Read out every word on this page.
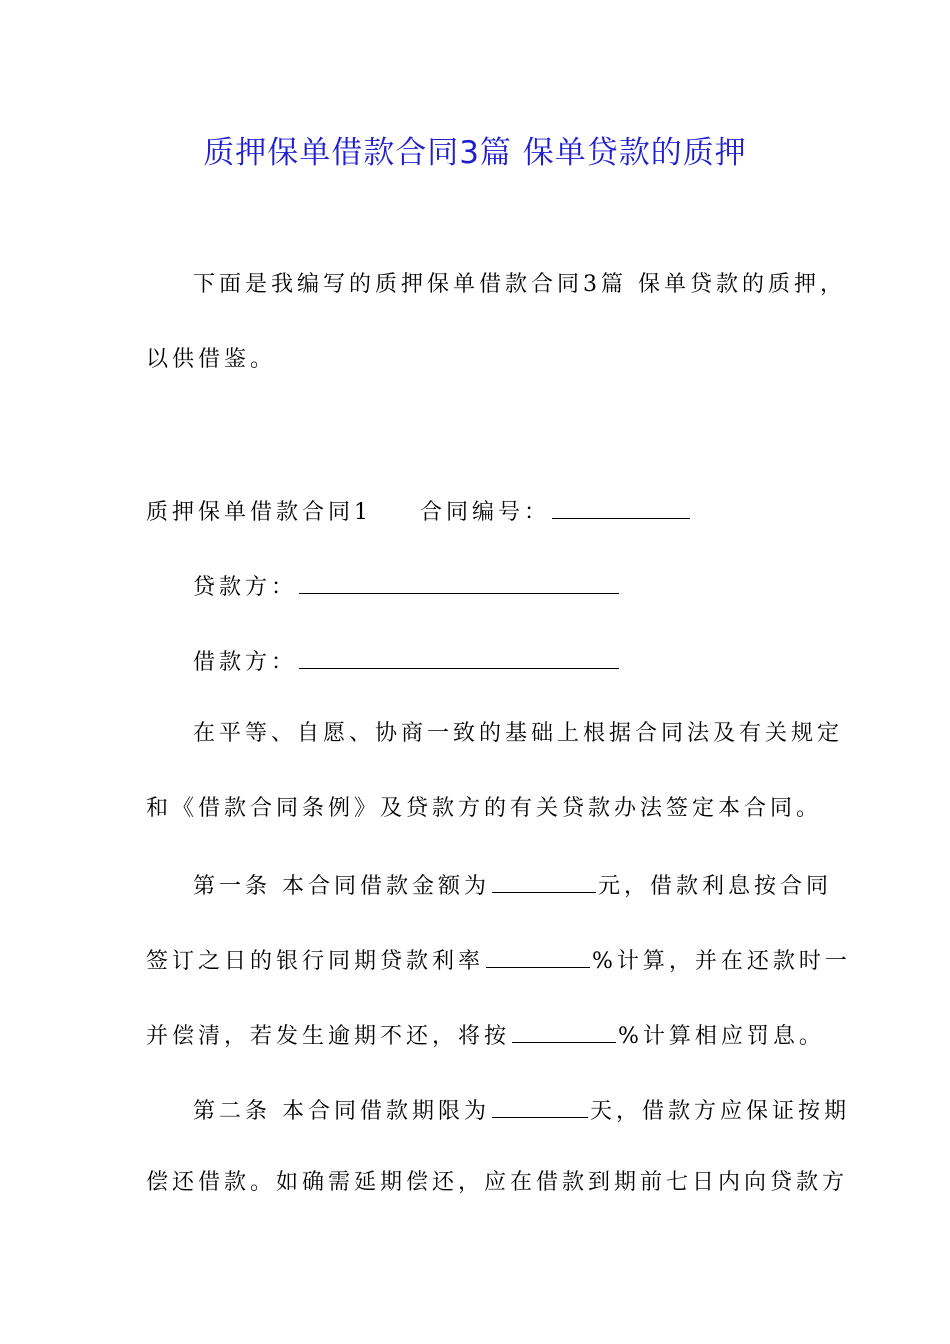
质押保单借款合同3篇 保单贷款的质押
下面是我编写的质押保单借款合同3篇 保单贷款的质押，
以供借鉴。
质押保单借款合同1 合同编号：
贷款方：
借款方：
在平等、自愿、协商一致的基础上根据合同法及有关规定
和《借款合同条例》及贷款方的有关贷款办法签定本合同。
第一条 本合同借款金额为	元，借款利息按合同
签订之日的银行同期贷款利率	%计算，并在还款时一
并偿清，若发生逾期不还，将按	%计算相应罚息。
第二条 本合同借款期限为	天，借款方应保证按期
偿还借款。如确需延期偿还，应在借款到期前七日内向贷款方
